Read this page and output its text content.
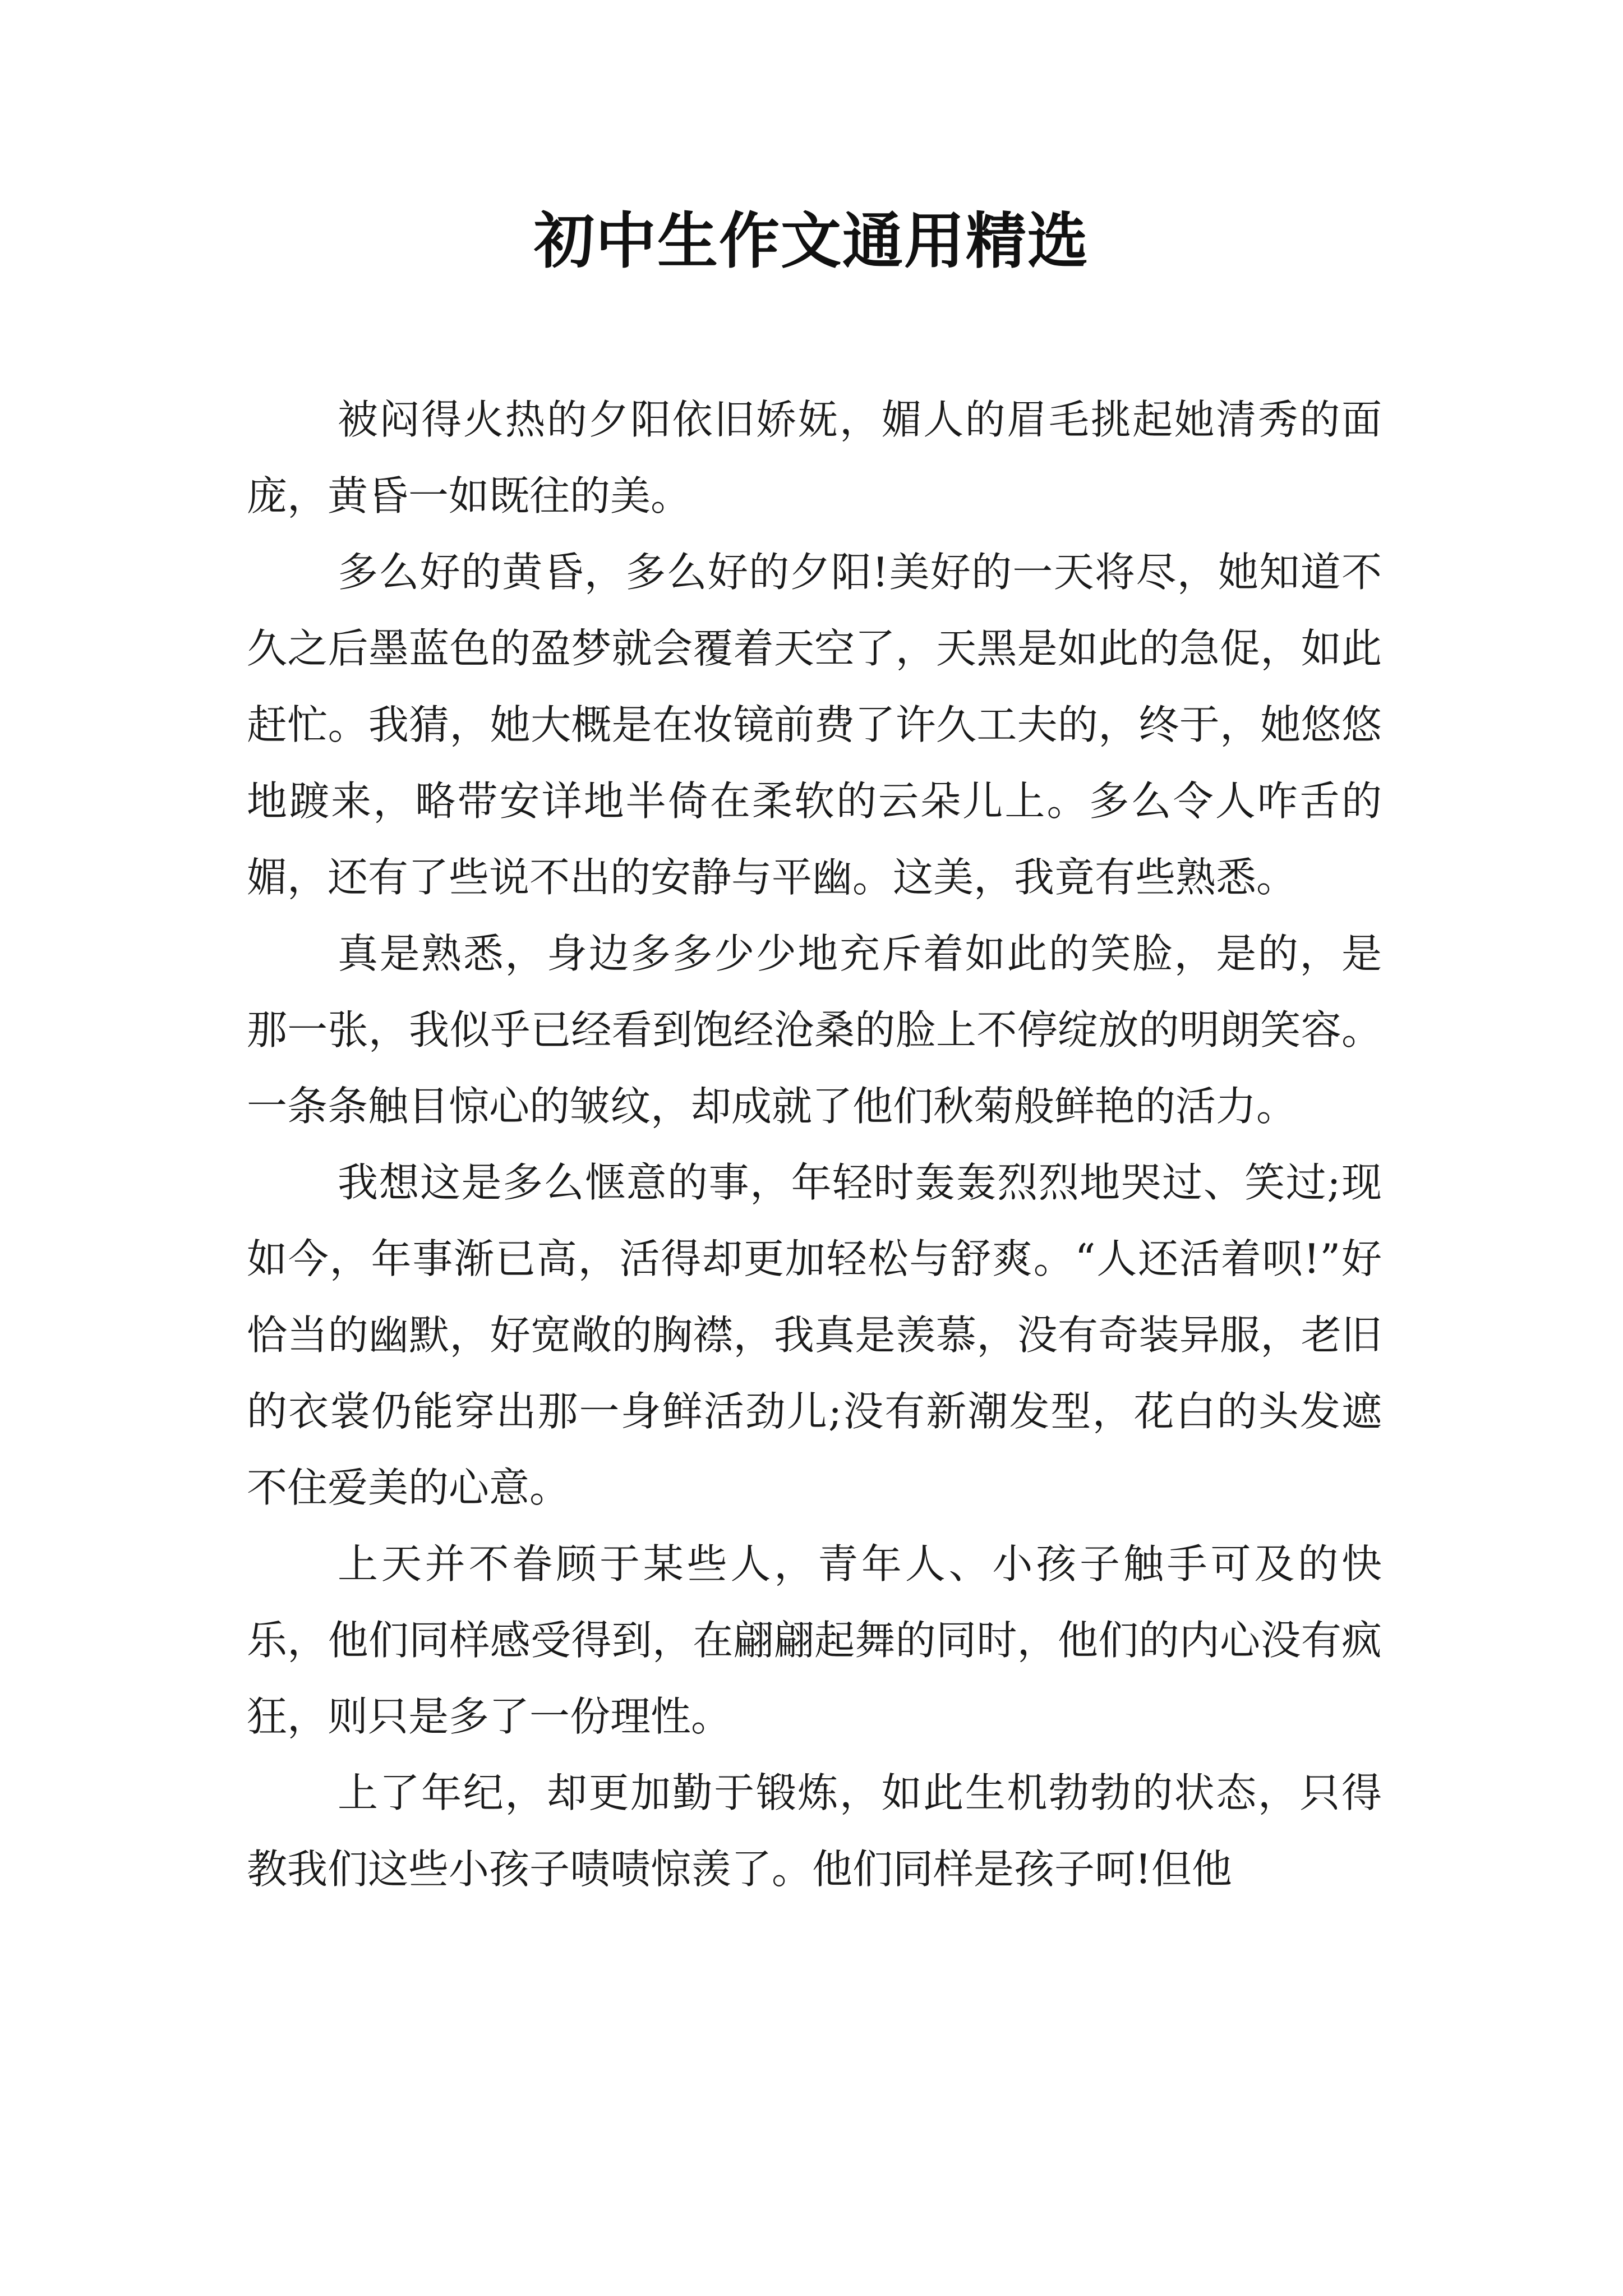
初中生作文通用精选

被闷得火热的夕阳依旧娇妩，媚人的眉毛挑起她清秀的面庞，黄昏一如既往的美。

多么好的黄昏，多么好的夕阳!美好的一天将尽，她知道不久之后墨蓝色的盈梦就会覆着天空了，天黑是如此的急促，如此赶忙。我猜，她大概是在妆镜前费了许久工夫的，终于，她悠悠地踱来，略带安详地半倚在柔软的云朵儿上。多么令人咋舌的媚，还有了些说不出的安静与平幽。这美，我竟有些熟悉。

真是熟悉，身边多多少少地充斥着如此的笑脸，是的，是那一张，我似乎已经看到饱经沧桑的脸上不停绽放的明朗笑容。一条条触目惊心的皱纹，却成就了他们秋菊般鲜艳的活力。

我想这是多么惬意的事，年轻时轰轰烈烈地哭过、笑过;现如今，年事渐已高，活得却更加轻松与舒爽。“人还活着呗!”好恰当的幽默，好宽敞的胸襟，我真是羡慕，没有奇装异服，老旧的衣裳仍能穿出那一身鲜活劲儿;没有新潮发型，花白的头发遮不住爱美的心意。

上天并不眷顾于某些人，青年人、小孩子触手可及的快乐，他们同样感受得到，在翩翩起舞的同时，他们的内心没有疯狂，则只是多了一份理性。

上了年纪，却更加勤于锻炼，如此生机勃勃的状态，只得教我们这些小孩子啧啧惊羡了。他们同样是孩子呵!但他
